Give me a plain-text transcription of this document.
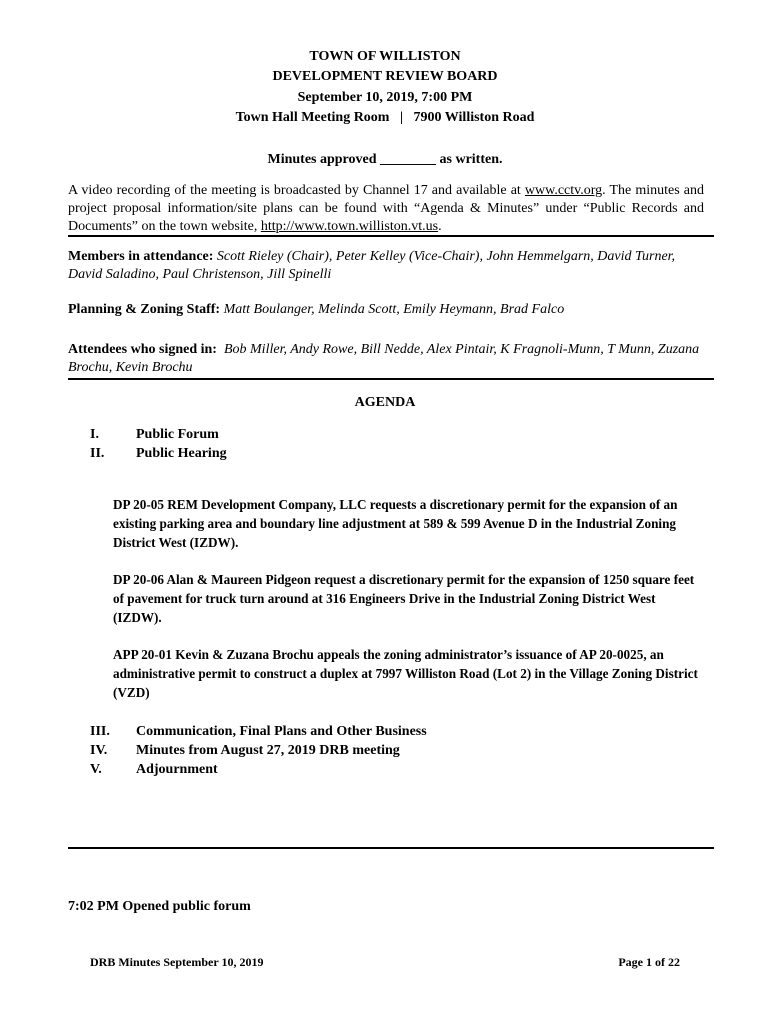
TOWN OF WILLISTON
DEVELOPMENT REVIEW BOARD
September 10, 2019, 7:00 PM
Town Hall Meeting Room   |   7900 Williston Road
Minutes approved ________ as written.
A video recording of the meeting is broadcasted by Channel 17 and available at www.cctv.org. The minutes and project proposal information/site plans can be found with “Agenda & Minutes” under “Public Records and Documents” on the town website, http://www.town.williston.vt.us.
Members in attendance: Scott Rieley (Chair), Peter Kelley (Vice-Chair), John Hemmelgarn, David Turner, David Saladino, Paul Christenson, Jill Spinelli
Planning & Zoning Staff: Matt Boulanger, Melinda Scott, Emily Heymann, Brad Falco
Attendees who signed in:  Bob Miller, Andy Rowe, Bill Nedde, Alex Pintair, K Fragnoli-Munn, T Munn, Zuzana Brochu, Kevin Brochu
AGENDA
I.	Public Forum
II. Public Hearing
DP 20-05 REM Development Company, LLC requests a discretionary permit for the expansion of an existing parking area and boundary line adjustment at 589 & 599 Avenue D in the Industrial Zoning District West (IZDW).
DP 20-06 Alan & Maureen Pidgeon request a discretionary permit for the expansion of 1250 square feet of pavement for truck turn around at 316 Engineers Drive in the Industrial Zoning District West (IZDW).
APP 20-01 Kevin & Zuzana Brochu appeals the zoning administrator’s issuance of AP 20-0025, an administrative permit to construct a duplex at 7997 Williston Road (Lot 2) in the Village Zoning District (VZD)
III. Communication, Final Plans and Other Business
IV. Minutes from August 27, 2019 DRB meeting
V. Adjournment
7:02 PM Opened public forum
DRB Minutes September 10, 2019	Page 1 of 22
